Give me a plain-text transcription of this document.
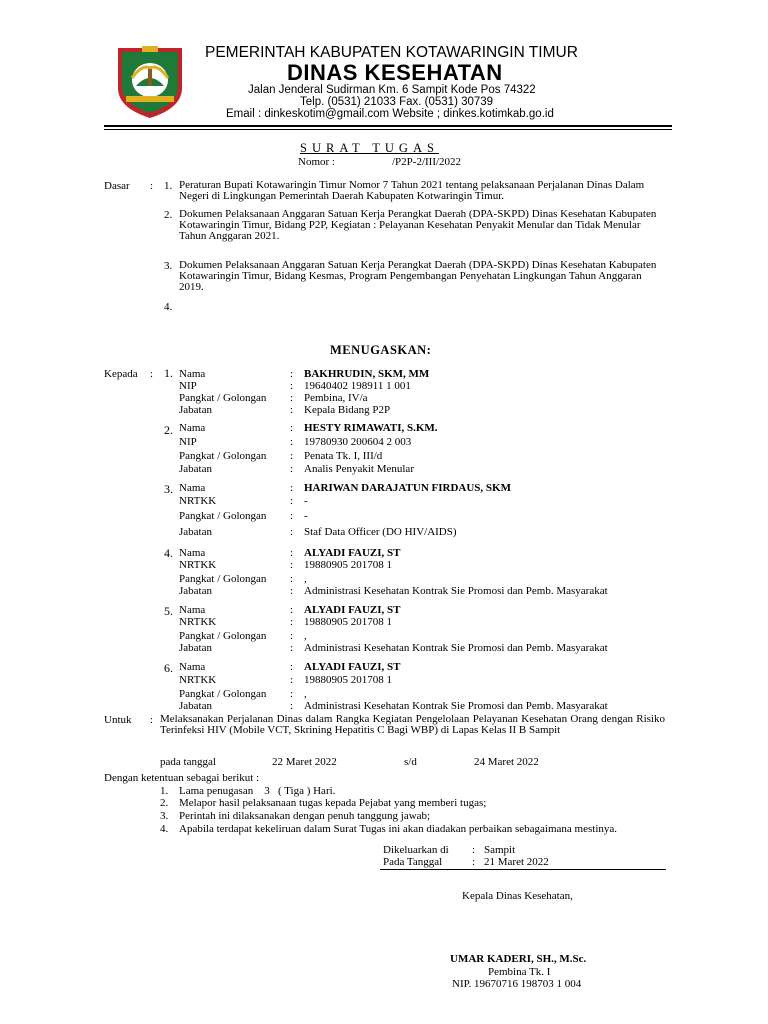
PEMERINTAH KABUPATEN KOTAWARINGIN TIMUR
DINAS KESEHATAN
Jalan Jenderal Sudirman Km. 6 Sampit Kode Pos 74322
Telp. (0531) 21033 Fax. (0531) 30739
Email : dinkeskotim@gmail.com Website ; dinkes.kotimkab.go.id
SURAT TUGAS
Nomor :	/P2P-2/III/2022
Dasar : 1. Peraturan Bupati Kotawaringin Timur Nomor 7 Tahun 2021 tentang pelaksanaan Perjalanan Dinas Dalam Negeri di Lingkungan Pemerintah Daerah Kabupaten Kotwaringin Timur.
2. Dokumen Pelaksanaan Anggaran Satuan Kerja Perangkat Daerah (DPA-SKPD) Dinas Kesehatan Kabupaten Kotawaringin Timur, Bidang P2P, Kegiatan : Pelayanan Kesehatan Penyakit Menular dan Tidak Menular Tahun Anggaran 2021.
3. Dokumen Pelaksanaan Anggaran Satuan Kerja Perangkat Daerah (DPA-SKPD) Dinas Kesehatan Kabupaten Kotawaringin Timur, Bidang Kesmas, Program Pengembangan Penyehatan Lingkungan Tahun Anggaran 2019.
4.
MENUGASKAN:
Kepada : 1. Nama	: BAKHRUDIN, SKM, MM
NIP	: 19640402 198911 1 001
Pangkat / Golongan : Pembina, IV/a
Jabatan	: Kepala Bidang P2P
2. Nama	: HESTY RIMAWATI, S.KM.
NIP	: 19780930 200604 2 003
Pangkat / Golongan : Penata Tk. I, III/d
Jabatan	: Analis Penyakit Menular
3. Nama	: HARIWAN DARAJATUN FIRDAUS, SKM
NRTKK	: -
Pangkat / Golongan : -
Jabatan	: Staf Data Officer (DO HIV/AIDS)
4. Nama	: ALYADI FAUZI, ST
NRTKK	: 19880905 201708 1
Pangkat / Golongan : ,
Jabatan	: Administrasi Kesehatan Kontrak Sie Promosi dan Pemb. Masyarakat
5. Nama	: ALYADI FAUZI, ST
NRTKK	: 19880905 201708 1
Pangkat / Golongan : ,
Jabatan	: Administrasi Kesehatan Kontrak Sie Promosi dan Pemb. Masyarakat
6. Nama	: ALYADI FAUZI, ST
NRTKK	: 19880905 201708 1
Pangkat / Golongan : ,
Jabatan	: Administrasi Kesehatan Kontrak Sie Promosi dan Pemb. Masyarakat
Untuk : Melaksanakan Perjalanan Dinas dalam Rangka Kegiatan Pengelolaan Pelayanan Kesehatan Orang dengan Risiko Terinfeksi HIV (Mobile VCT, Skrining Hepatitis C Bagi WBP) di Lapas Kelas II B Sampit
pada tanggal	22 Maret 2022	s/d	24 Maret 2022
Dengan ketentuan sebagai berikut :
1. Lama penugasan    3   ( Tiga ) Hari.
2. Melapor hasil pelaksanaan tugas kepada Pejabat yang memberi tugas;
3. Perintah ini dilaksanakan dengan penuh tanggung jawab;
4. Apabila terdapat kekeliruan dalam Surat Tugas ini akan diadakan perbaikan sebagaimana mestinya.
Dikeluarkan di : Sampit
Pada Tanggal	: 21 Maret 2022
Kepala Dinas Kesehatan,
UMAR KADERI, SH., M.Sc.
Pembina Tk. I
NIP. 19670716 198703 1 004
